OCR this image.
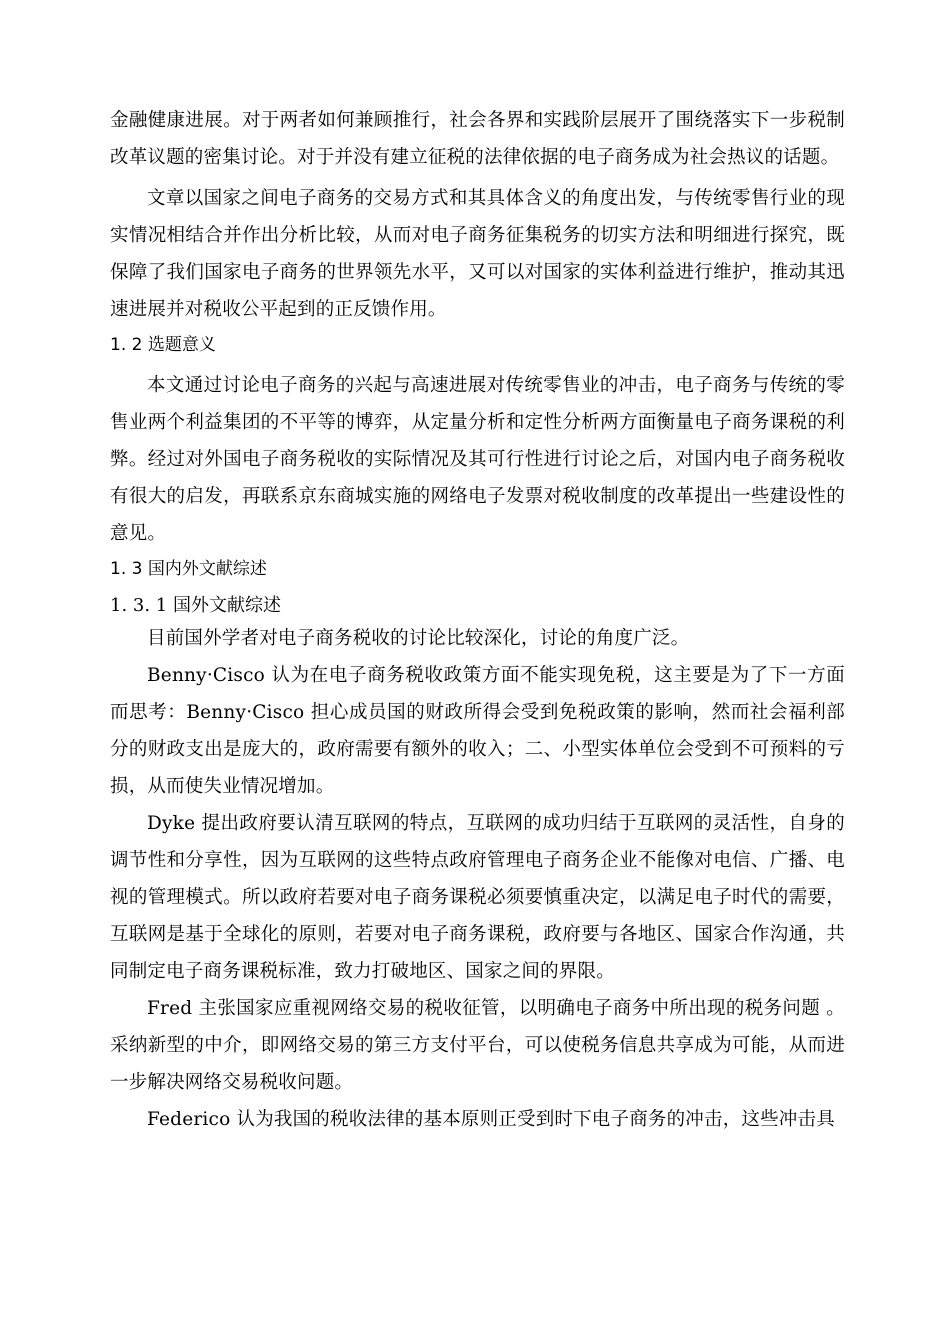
金融健康进展。对于两者如何兼顾推行，社会各界和实践阶层展开了围绕落实下一步税制改革议题的密集讨论。对于并没有建立征税的法律依据的电子商务成为社会热议的话题。

文章以国家之间电子商务的交易方式和其具体含义的角度出发，与传统零售行业的现实情况相结合并作出分析比较，从而对电子商务征集税务的切实方法和明细进行探究，既保障了我们国家电子商务的世界领先水平，又可以对国家的实体利益进行维护，推动其迅速进展并对税收公平起到的正反馈作用。

1. 2 选题意义

本文通过讨论电子商务的兴起与高速进展对传统零售业的冲击，电子商务与传统的零售业两个利益集团的不平等的博弈，从定量分析和定性分析两方面衡量电子商务课税的利弊。经过对外国电子商务税收的实际情况及其可行性进行讨论之后，对国内电子商务税收有很大的启发，再联系京东商城实施的网络电子发票对税收制度的改革提出一些建设性的意见。

1. 3 国内外文献综述
1. 3. 1 国外文献综述

目前国外学者对电子商务税收的讨论比较深化，讨论的角度广泛。

Benny·Cisco 认为在电子商务税收政策方面不能实现免税，这主要是为了下一方面而思考：Benny·Cisco 担心成员国的财政所得会受到免税政策的影响，然而社会福利部分的财政支出是庞大的，政府需要有额外的收入；二、小型实体单位会受到不可预料的亏损，从而使失业情况增加。

Dyke 提出政府要认清互联网的特点，互联网的成功归结于互联网的灵活性，自身的调节性和分享性，因为互联网的这些特点政府管理电子商务企业不能像对电信、广播、电视的管理模式。所以政府若要对电子商务课税必须要慎重决定，以满足电子时代的需要，互联网是基于全球化的原则，若要对电子商务课税，政府要与各地区、国家合作沟通，共同制定电子商务课税标准，致力打破地区、国家之间的界限。

Fred 主张国家应重视网络交易的税收征管，以明确电子商务中所出现的税务问题 。采纳新型的中介，即网络交易的第三方支付平台，可以使税务信息共享成为可能，从而进一步解决网络交易税收问题。

Federico 认为我国的税收法律的基本原则正受到时下电子商务的冲击，这些冲击具
